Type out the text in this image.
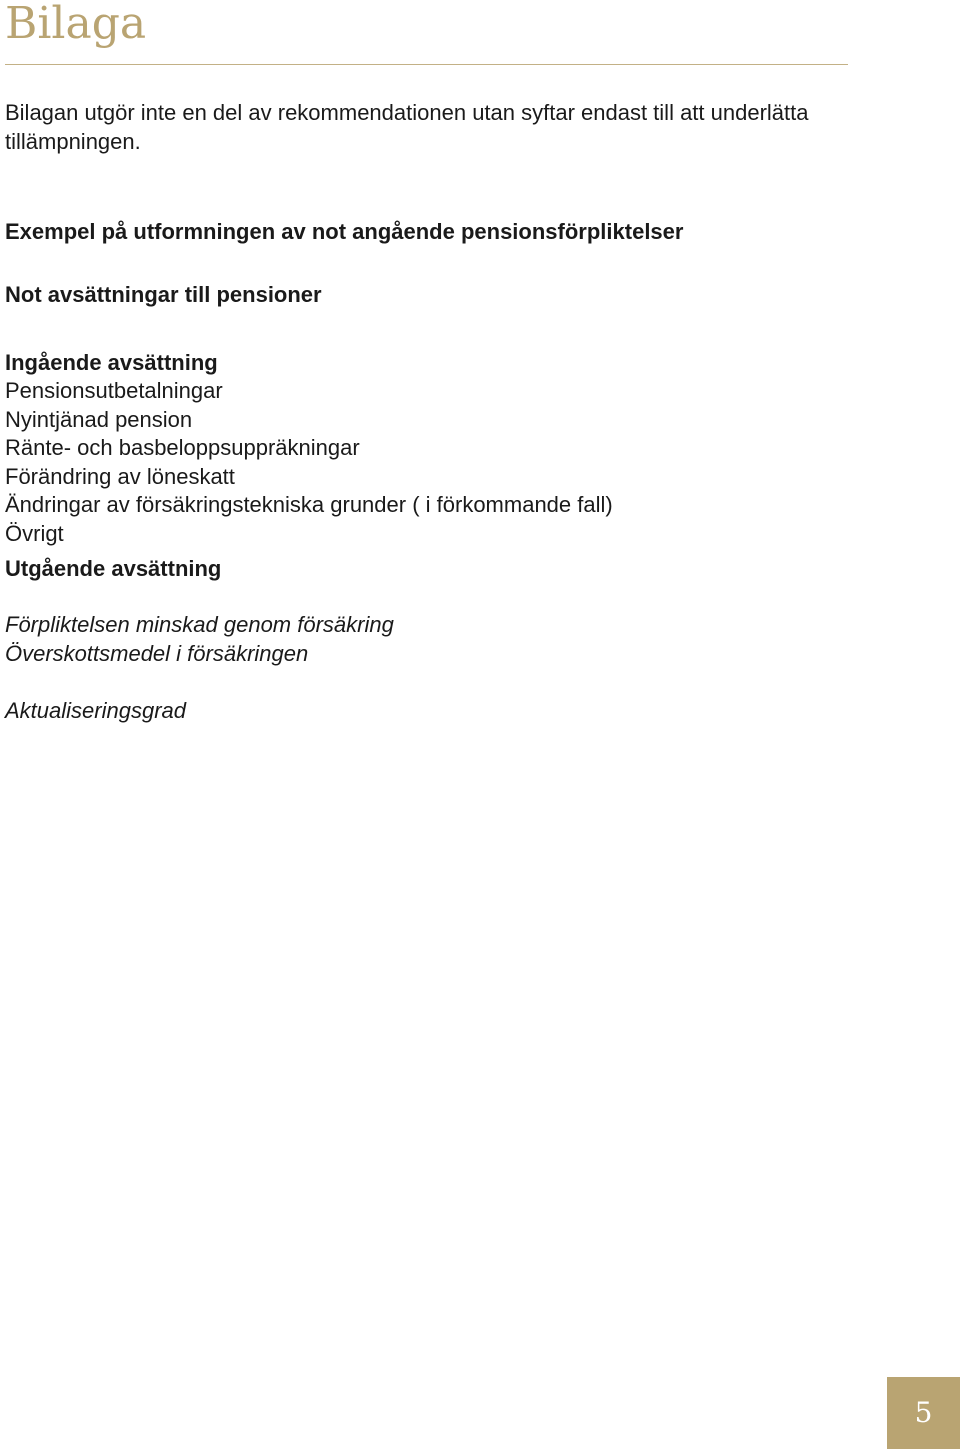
Bilaga

Bilagan utgör inte en del av rekommendationen utan syftar endast till att underlätta tillämpningen.

Exempel på utformningen av not angående pensionsförpliktelser

Not avsättningar till pensioner

Ingående avsättning

Pensionsutbetalningar

Nyintjänad pension

Ränte- och basbeloppsuppräkningar

Förändring av löneskatt

Ändringar av försäkringstekniska grunder ( i förkommande fall)

Övrigt

Utgående avsättning

Förpliktelsen minskad genom försäkring

Överskottsmedel i försäkringen

Aktualiseringsgrad

5
